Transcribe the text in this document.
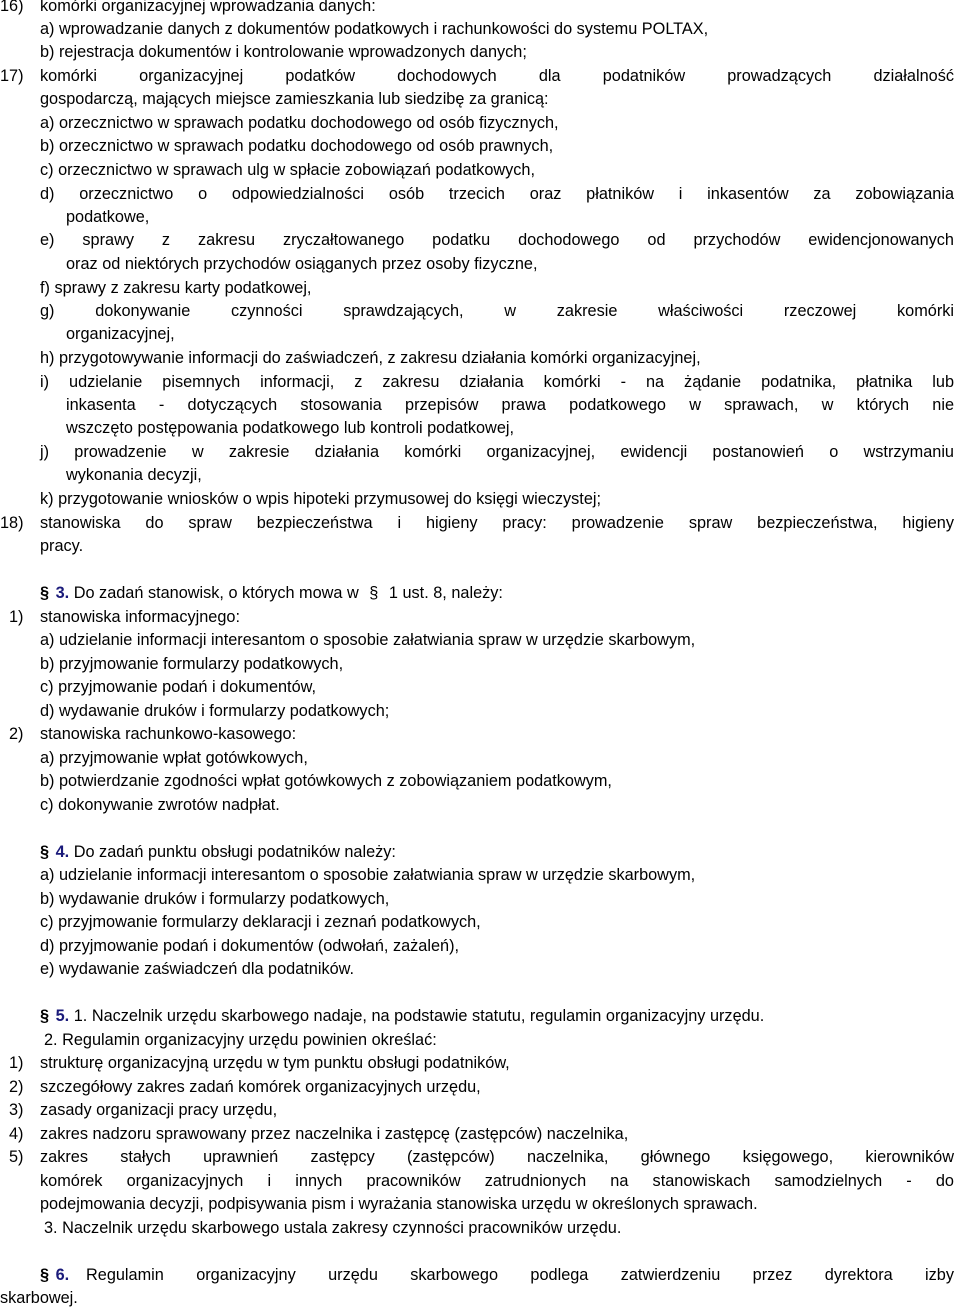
16) komórki organizacyjnej wprowadzania danych:
a) wprowadzanie danych z dokumentów podatkowych i rachunkowości do systemu POLTAX,
b) rejestracja dokumentów i kontrolowanie wprowadzonych danych;
17) komórki organizacyjnej podatków dochodowych dla podatników prowadzących działalność
gospodarczą, mających miejsce zamieszkania lub siedzibę za granicą:
a) orzecznictwo w sprawach podatku dochodowego od osób fizycznych,
b) orzecznictwo w sprawach podatku dochodowego od osób prawnych,
c) orzecznictwo w sprawach ulg w spłacie zobowiązań podatkowych,
d) orzecznictwo o odpowiedzialności osób trzecich oraz płatników i inkasentów za zobowiązania
podatkowe,
e) sprawy z zakresu zryczałtowanego podatku dochodowego od przychodów ewidencjonowanych
oraz od niektórych przychodów osiąganych przez osoby fizyczne,
f) sprawy z zakresu karty podatkowej,
g) dokonywanie czynności sprawdzających, w zakresie właściwości rzeczowej komórki
organizacyjnej,
h) przygotowywanie informacji do zaświadczeń, z zakresu działania komórki organizacyjnej,
i) udzielanie pisemnych informacji, z zakresu działania komórki - na żądanie podatnika, płatnika lub
inkasenta - dotyczących stosowania przepisów prawa podatkowego w sprawach, w których nie
wszczęto postępowania podatkowego lub kontroli podatkowej,
j) prowadzenie w zakresie działania komórki organizacyjnej, ewidencji postanowień o wstrzymaniu
wykonania decyzji,
k) przygotowanie wniosków o wpis hipoteki przymusowej do księgi wieczystej;
18) stanowiska do spraw bezpieczeństwa i higieny pracy: prowadzenie spraw bezpieczeństwa, higieny
pracy.
§ 3. Do zadań stanowisk, o których mowa w § 1 ust. 8, należy:
1) stanowiska informacyjnego:
a) udzielanie informacji interesantom o sposobie załatwiania spraw w urzędzie skarbowym,
b) przyjmowanie formularzy podatkowych,
c) przyjmowanie podań i dokumentów,
d) wydawanie druków i formularzy podatkowych;
2) stanowiska rachunkowo-kasowego:
a) przyjmowanie wpłat gotówkowych,
b) potwierdzanie zgodności wpłat gotówkowych z zobowiązaniem podatkowym,
c) dokonywanie zwrotów nadpłat.
§ 4. Do zadań punktu obsługi podatników należy:
a) udzielanie informacji interesantom o sposobie załatwiania spraw w urzędzie skarbowym,
b) wydawanie druków i formularzy podatkowych,
c) przyjmowanie formularzy deklaracji i zeznań podatkowych,
d) przyjmowanie podań i dokumentów (odwołań, zażaleń),
e) wydawanie zaświadczeń dla podatników.
§ 5. 1. Naczelnik urzędu skarbowego nadaje, na podstawie statutu, regulamin organizacyjny urzędu.
2. Regulamin organizacyjny urzędu powinien określać:
1) strukturę organizacyjną urzędu w tym punktu obsługi podatników,
2) szczegółowy zakres zadań komórek organizacyjnych urzędu,
3) zasady organizacji pracy urzędu,
4) zakres nadzoru sprawowany przez naczelnika i zastępcę (zastępców) naczelnika,
5) zakres stałych uprawnień zastępcy (zastępców) naczelnika, głównego księgowego, kierowników
komórek organizacyjnych i innych pracowników zatrudnionych na stanowiskach samodzielnych - do
podejmowania decyzji, podpisywania pism i wyrażania stanowiska urzędu w określonych sprawach.
3. Naczelnik urzędu skarbowego ustala zakresy czynności pracowników urzędu.
§ 6.	Regulamin organizacyjny urzędu skarbowego podlega zatwierdzeniu przez dyrektora izby
skarbowej.
